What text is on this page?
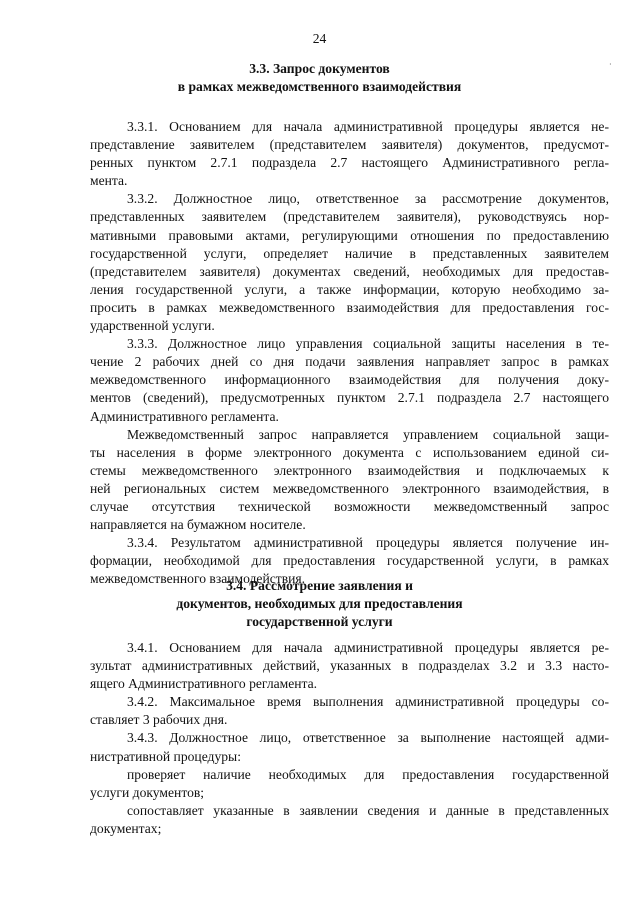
24
·
3.3. Запрос документов
в рамках межведомственного взаимодействия
3.3.1. Основанием для начала административной процедуры является не-
представление заявителем (представителем заявителя) документов, предусмот-
ренных пунктом 2.7.1 подраздела 2.7 настоящего Административного регла-
мента.
3.3.2. Должностное лицо, ответственное за рассмотрение документов,
представленных заявителем (представителем заявителя), руководствуясь нор-
мативными правовыми актами, регулирующими отношения по предоставлению
государственной услуги, определяет наличие в представленных заявителем
(представителем заявителя) документах сведений, необходимых для предостав-
ления государственной услуги, а также информации, которую необходимо за-
просить в рамках межведомственного взаимодействия для предоставления гос-
ударственной услуги.
3.3.3. Должностное лицо управления социальной защиты населения в те-
чение 2 рабочих дней со дня подачи заявления направляет запрос в рамках
межведомственного информационного взаимодействия для получения доку-
ментов (сведений), предусмотренных пунктом 2.7.1 подраздела 2.7 настоящего
Административного регламента.
Межведомственный запрос направляется управлением социальной защи-
ты населения в форме электронного документа с использованием единой си-
стемы межведомственного электронного взаимодействия и подключаемых к
ней региональных систем межведомственного электронного взаимодействия, в
случае отсутствия технической возможности межведомственный запрос
направляется на бумажном носителе.
3.3.4. Результатом административной процедуры является получение ин-
формации, необходимой для предоставления государственной услуги, в рамках
межведомственного взаимодействия.
3.4. Рассмотрение заявления и
документов, необходимых для предоставления
государственной услуги
3.4.1. Основанием для начала административной процедуры является ре-
зультат административных действий, указанных в подразделах 3.2 и 3.3 насто-
ящего Административного регламента.
3.4.2. Максимальное время выполнения административной процедуры со-
ставляет 3 рабочих дня.
3.4.3. Должностное лицо, ответственное за выполнение настоящей адми-
нистративной процедуры:
проверяет наличие необходимых для предоставления государственной
услуги документов;
сопоставляет указанные в заявлении сведения и данные в представленных
документах;
